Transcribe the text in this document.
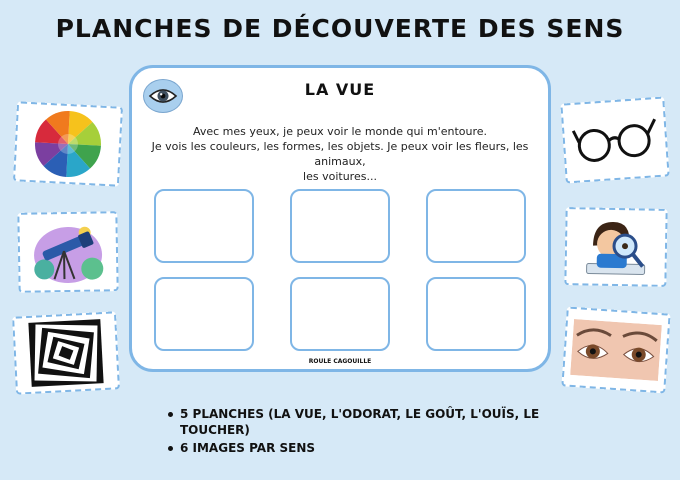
PLANCHES DE DÉCOUVERTE DES SENS
LA VUE
Avec mes yeux, je peux voir le monde qui m'entoure.
Je vois les couleurs, les formes, les objets. Je peux voir les fleurs, les animaux,
les voitures...
ROULE CAGOUILLE
5 PLANCHES (LA VUE, L'ODORAT, LE GOÛT, L'OUÏS, LE TOUCHER)
6 IMAGES PAR SENS
